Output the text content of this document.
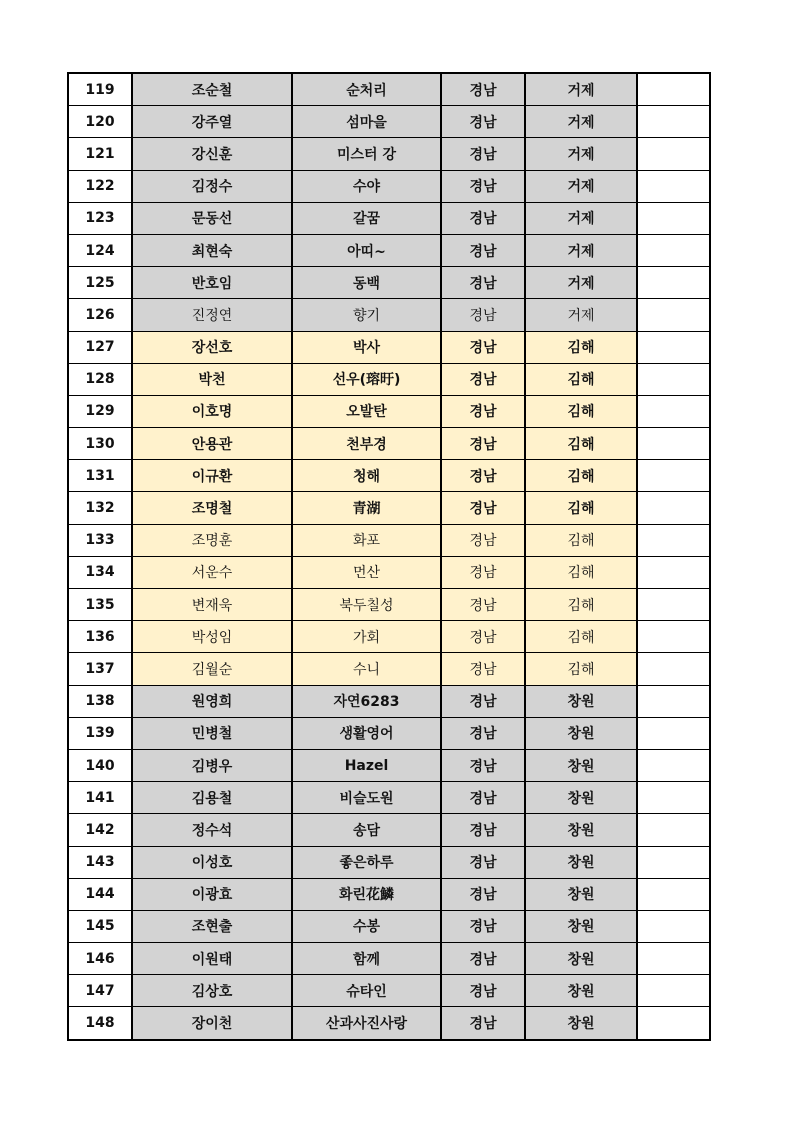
119	조순철	순처리	경남	거제	
120	강주열	섬마을	경남	거제	
121	강신훈	미스터 강	경남	거제	
122	김정수	수야	경남	거제	
123	문동선	갈꿈	경남	거제	
124	최현숙	아띠~	경남	거제	
125	반호임	동백	경남	거제	
126	진정연	향기	경남	거제	
127	장선호	박사	경남	김해	
128	박천	선우(瑢旴)	경남	김해	
129	이호명	오발탄	경남	김해	
130	안용관	천부경	경남	김해	
131	이규환	청해	경남	김해	
132	조명철	青湖	경남	김해	
133	조명훈	화포	경남	김해	
134	서운수	먼산	경남	김해	
135	변재욱	북두칠성	경남	김해	
136	박성임	가회	경남	김해	
137	김월순	수니	경남	김해	
138	원영희	자연6283	경남	창원	
139	민병철	생활영어	경남	창원	
140	김병우	Hazel	경남	창원	
141	김용철	비슬도원	경남	창원	
142	정수석	송담	경남	창원	
143	이성호	좋은하루	경남	창원	
144	이광효	화린花鱗	경남	창원	
145	조현출	수봉	경남	창원	
146	이원태	함께	경남	창원	
147	김상호	슈타인	경남	창원	
148	장이천	산과사진사랑	경남	창원	
